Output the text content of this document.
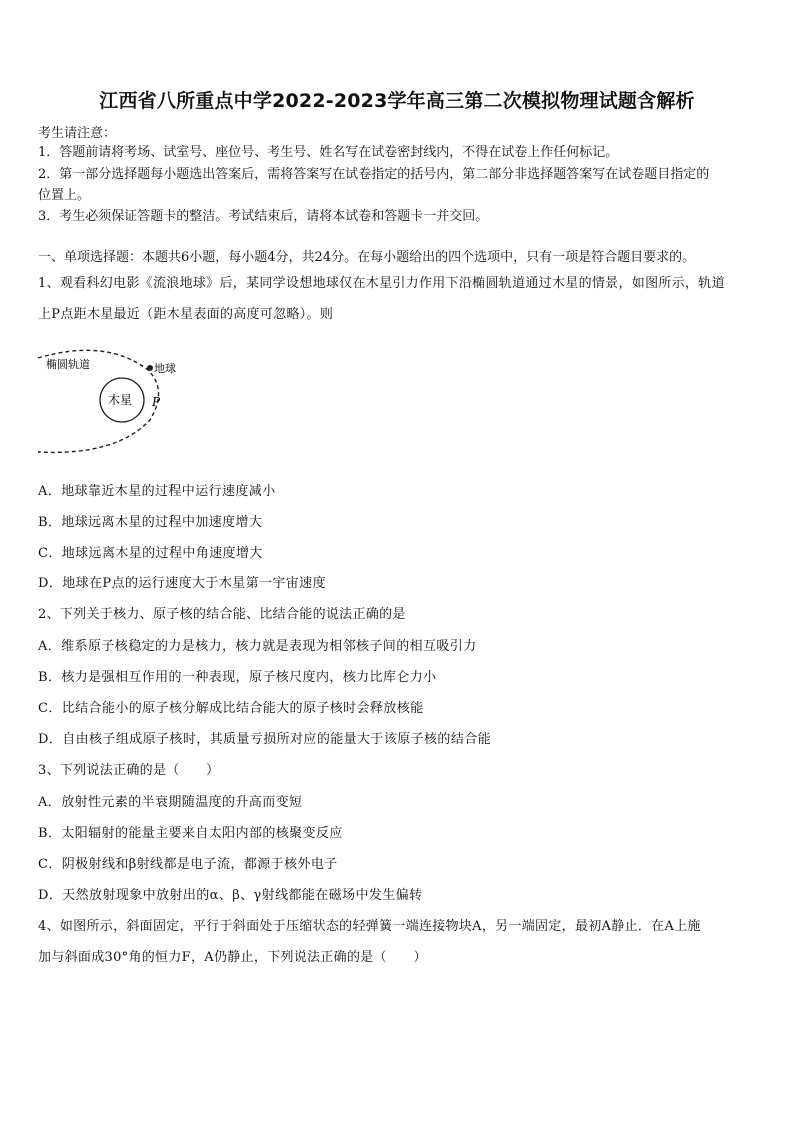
江西省八所重点中学2022-2023学年高三第二次模拟物理试题含解析
考生请注意：
1．答题前请将考场、试室号、座位号、考生号、姓名写在试卷密封线内，不得在试卷上作任何标记。
2．第一部分选择题每小题选出答案后，需将答案写在试卷指定的括号内，第二部分非选择题答案写在试卷题目指定的
位置上。
3．考生必须保证答题卡的整洁。考试结束后，请将本试卷和答题卡一并交回。
一、单项选择题：本题共6小题，每小题4分，共24分。在每小题给出的四个选项中，只有一项是符合题目要求的。
1、观看科幻电影《流浪地球》后，某同学设想地球仅在木星引力作用下沿椭圆轨道通过木星的情景，如图所示，轨道
上P点距木星最近（距木星表面的高度可忽略）。则
椭圆轨道	地球
木星 P
A．地球靠近木星的过程中运行速度减小
B．地球远离木星的过程中加速度增大
C．地球远离木星的过程中角速度增大
D．地球在P点的运行速度大于木星第一宇宙速度
2、下列关于核力、原子核的结合能、比结合能的说法正确的是
A．维系原子核稳定的力是核力，核力就是表现为相邻核子间的相互吸引力
B．核力是强相互作用的一种表现，原子核尺度内，核力比库仑力小
C．比结合能小的原子核分解成比结合能大的原子核时会释放核能
D．自由核子组成原子核时，其质量亏损所对应的能量大于该原子核的结合能
3、下列说法正确的是（　　）
A．放射性元素的半衰期随温度的升高而变短
B．太阳辐射的能量主要来自太阳内部的核聚变反应
C．阴极射线和β射线都是电子流，都源于核外电子
D．天然放射现象中放射出的α、β、γ射线都能在磁场中发生偏转
4、如图所示，斜面固定，平行于斜面处于压缩状态的轻弹簧一端连接物块A，另一端固定，最初A静止．在A上施
加与斜面成30°角的恒力F，A仍静止，下列说法正确的是（　　）
